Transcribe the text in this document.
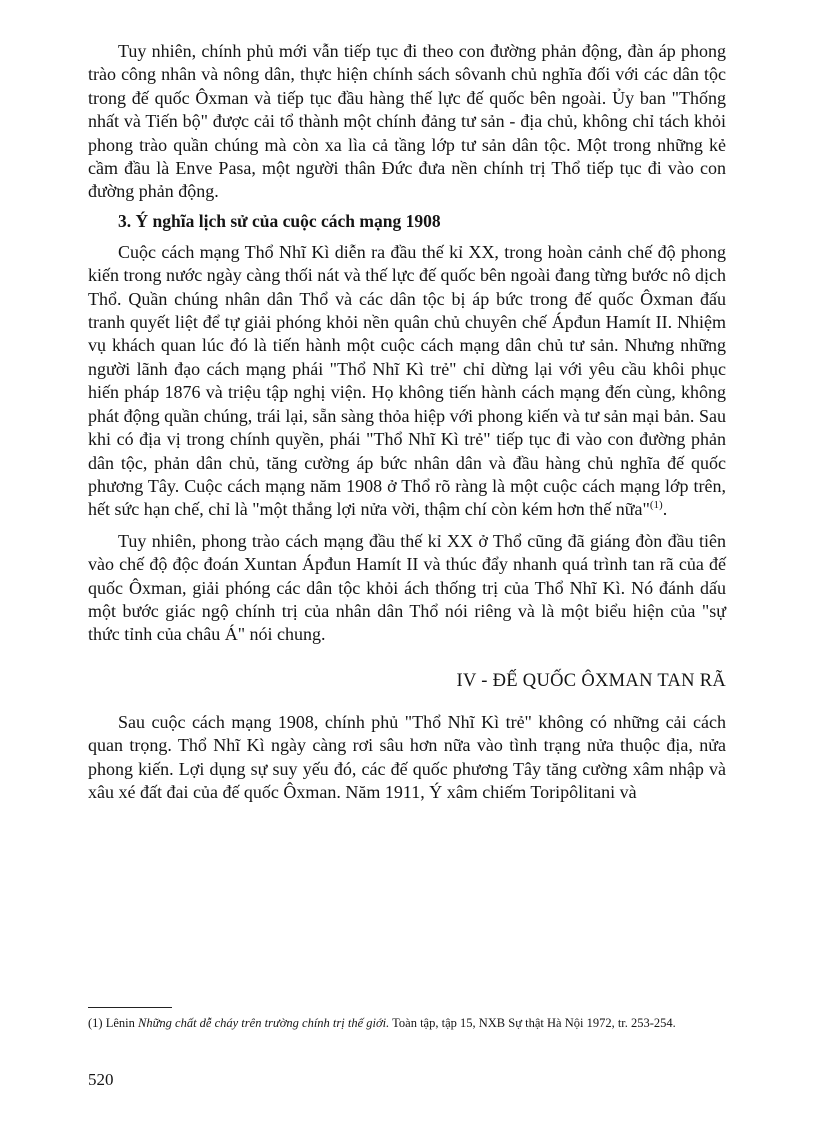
Tuy nhiên, chính phủ mới vẫn tiếp tục đi theo con đường phản động, đàn áp phong trào công nhân và nông dân, thực hiện chính sách sôvanh chủ nghĩa đối với các dân tộc trong đế quốc Ôxman và tiếp tục đầu hàng thế lực đế quốc bên ngoài. Ủy ban "Thống nhất và Tiến bộ" được cải tổ thành một chính đảng tư sản - địa chủ, không chỉ tách khỏi phong trào quần chúng mà còn xa lìa cả tầng lớp tư sản dân tộc. Một trong những kẻ cầm đầu là Enve Pasa, một người thân Đức đưa nền chính trị Thổ tiếp tục đi vào con đường phản động.

3. Ý nghĩa lịch sử của cuộc cách mạng 1908

Cuộc cách mạng Thổ Nhĩ Kì diễn ra đầu thế kỉ XX, trong hoàn cảnh chế độ phong kiến trong nước ngày càng thối nát và thế lực đế quốc bên ngoài đang từng bước nô dịch Thổ. Quần chúng nhân dân Thổ và các dân tộc bị áp bức trong đế quốc Ôxman đấu tranh quyết liệt để tự giải phóng khỏi nền quân chủ chuyên chế Ápđun Hamít II. Nhiệm vụ khách quan lúc đó là tiến hành một cuộc cách mạng dân chủ tư sản. Nhưng những người lãnh đạo cách mạng phái "Thổ Nhĩ Kì trẻ" chỉ dừng lại với yêu cầu khôi phục hiến pháp 1876 và triệu tập nghị viện. Họ không tiến hành cách mạng đến cùng, không phát động quần chúng, trái lại, sẵn sàng thỏa hiệp với phong kiến và tư sản mại bản. Sau khi có địa vị trong chính quyền, phái "Thổ Nhĩ Kì trẻ" tiếp tục đi vào con đường phản dân tộc, phản dân chủ, tăng cường áp bức nhân dân và đầu hàng chủ nghĩa đế quốc phương Tây. Cuộc cách mạng năm 1908 ở Thổ rõ ràng là một cuộc cách mạng lớp trên, hết sức hạn chế, chỉ là "một thắng lợi nửa vời, thậm chí còn kém hơn thế nữa"$^{(1)}$.

Tuy nhiên, phong trào cách mạng đầu thế kỉ XX ở Thổ cũng đã giáng đòn đầu tiên vào chế độ độc đoán Xuntan Ápđun Hamít II và thúc đẩy nhanh quá trình tan rã của đế quốc Ôxman, giải phóng các dân tộc khỏi ách thống trị của Thổ Nhĩ Kì. Nó đánh dấu một bước giác ngộ chính trị của nhân dân Thổ nói riêng và là một biểu hiện của "sự thức tỉnh của châu Á" nói chung.

IV - ĐẾ QUỐC ÔXMAN TAN RÃ

Sau cuộc cách mạng 1908, chính phủ "Thổ Nhĩ Kì trẻ" không có những cải cách quan trọng. Thổ Nhĩ Kì ngày càng rơi sâu hơn nữa vào tình trạng nửa thuộc địa, nửa phong kiến. Lợi dụng sự suy yếu đó, các đế quốc phương Tây tăng cường xâm nhập và xâu xé đất đai của đế quốc Ôxman. Năm 1911, Ý xâm chiếm Toripôlitani và

(1) Lênin Những chất dễ cháy trên trường chính trị thế giới. Toàn tập, tập 15, NXB Sự thật Hà Nội 1972, tr. 253-254.
520
